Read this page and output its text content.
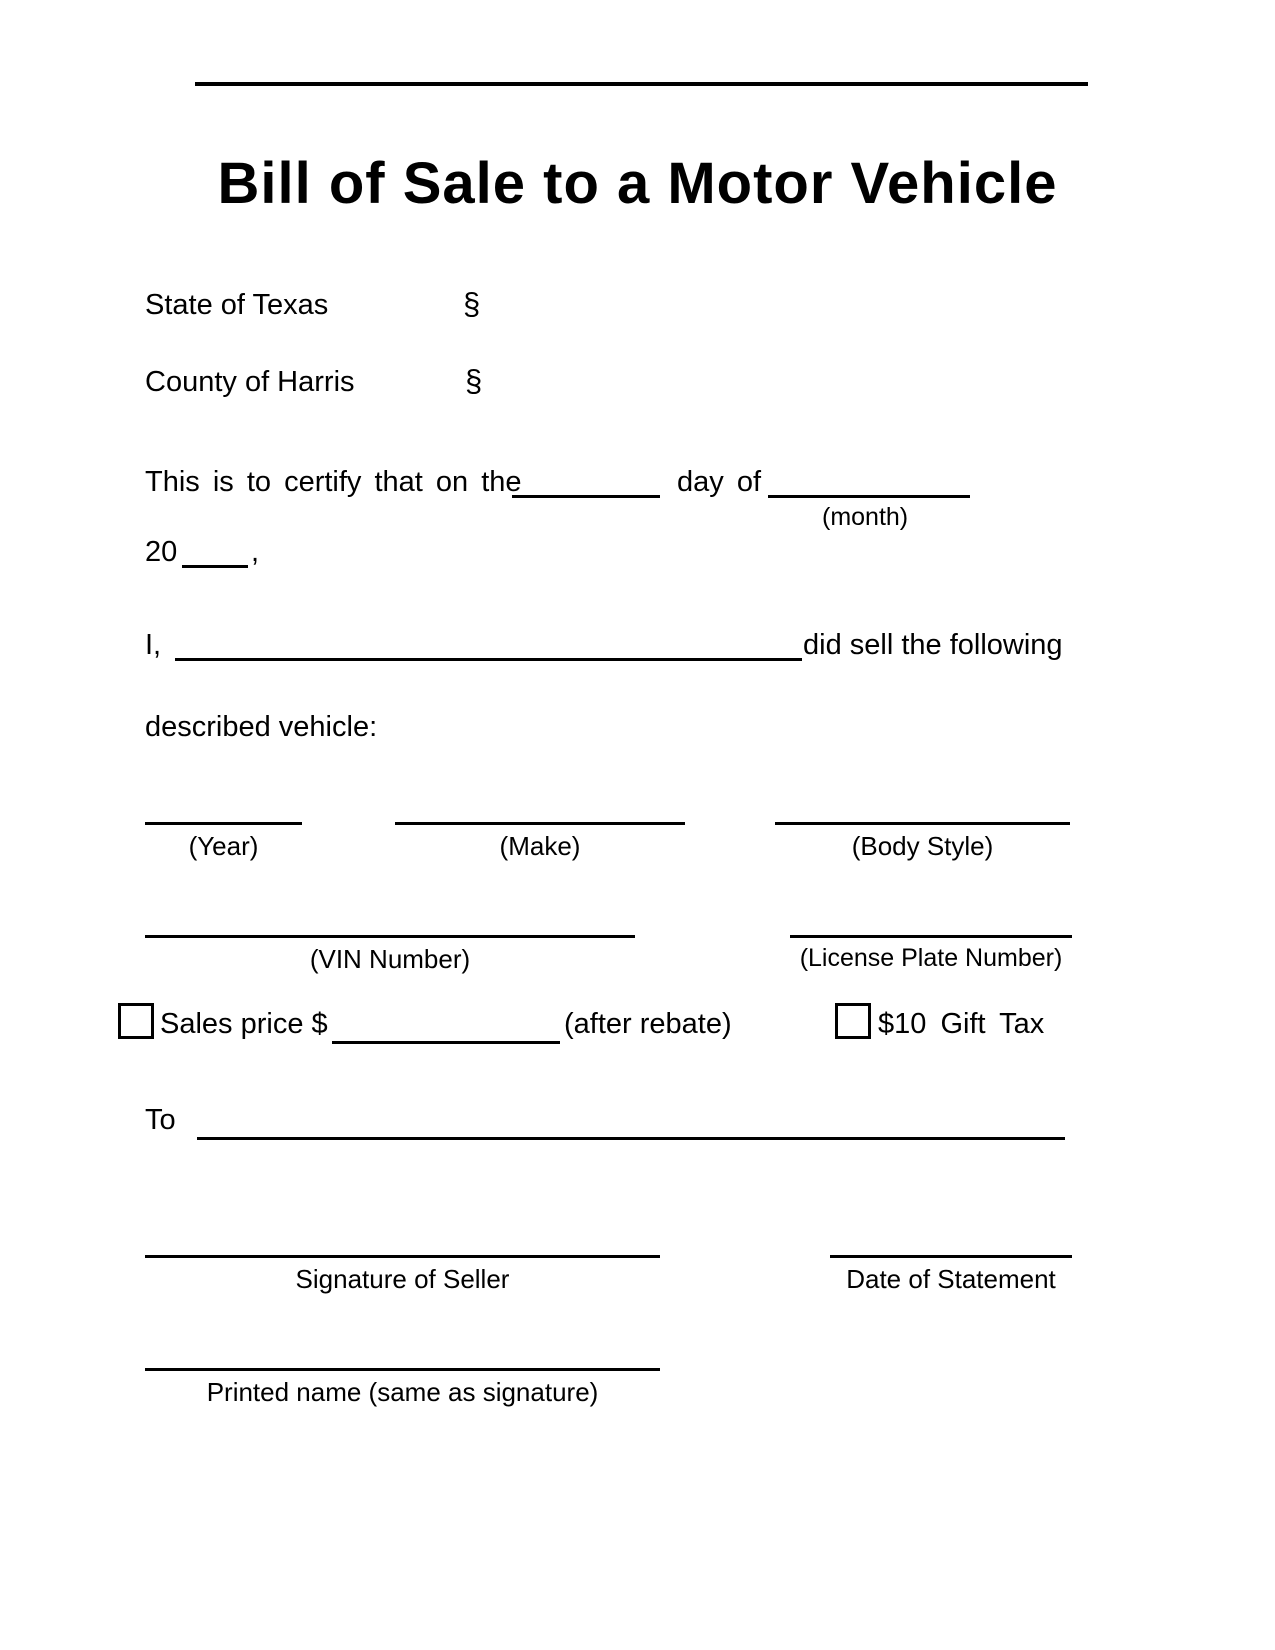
Bill of Sale to a Motor Vehicle
State of Texas	§
County of Harris	§
This is to certify that on the	day of
(month)
20	,
I,	did sell the following
described vehicle:
(Year)	(Make)	(Body Style)
(VIN Number)	(License Plate Number)
Sales price $	(after rebate)	$10 Gift Tax
To
Signature of Seller	Date of Statement
Printed name (same as signature)
